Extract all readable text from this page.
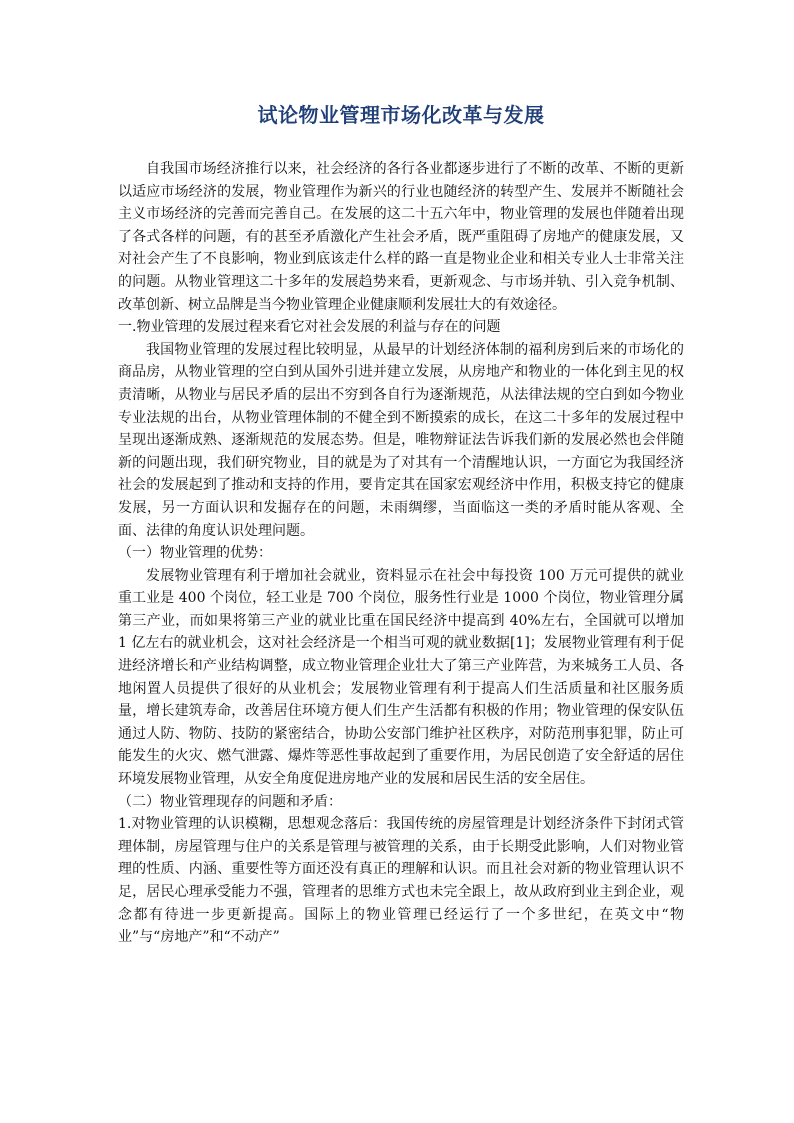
试论物业管理市场化改革与发展

自我国市场经济推行以来，社会经济的各行各业都逐步进行了不断的改革、不断的更新以适应市场经济的发展，物业管理作为新兴的行业也随经济的转型产生、发展并不断随社会主义市场经济的完善而完善自己。在发展的这二十五六年中，物业管理的发展也伴随着出现了各式各样的问题，有的甚至矛盾激化产生社会矛盾，既严重阻碍了房地产的健康发展，又对社会产生了不良影响，物业到底该走什么样的路一直是物业企业和相关专业人士非常关注的问题。从物业管理这二十多年的发展趋势来看，更新观念、与市场并轨、引入竞争机制、改革创新、树立品牌是当今物业管理企业健康顺利发展壮大的有效途径。

一.物业管理的发展过程来看它对社会发展的利益与存在的问题

我国物业管理的发展过程比较明显，从最早的计划经济体制的福利房到后来的市场化的商品房，从物业管理的空白到从国外引进并建立发展，从房地产和物业的一体化到主见的权责清晰，从物业与居民矛盾的层出不穷到各自行为逐渐规范，从法律法规的空白到如今物业专业法规的出台，从物业管理体制的不健全到不断摸索的成长，在这二十多年的发展过程中呈现出逐渐成熟、逐渐规范的发展态势。但是，唯物辩证法告诉我们新的发展必然也会伴随新的问题出现，我们研究物业，目的就是为了对其有一个清醒地认识，一方面它为我国经济社会的发展起到了推动和支持的作用，要肯定其在国家宏观经济中作用，积极支持它的健康发展，另一方面认识和发掘存在的问题，未雨绸缪，当面临这一类的矛盾时能从客观、全面、法律的角度认识处理问题。

（一）物业管理的优势：

发展物业管理有利于增加社会就业，资料显示在社会中每投资 100 万元可提供的就业重工业是 400 个岗位，轻工业是 700 个岗位，服务性行业是 1000 个岗位，物业管理分属第三产业，而如果将第三产业的就业比重在国民经济中提高到 40%左右，全国就可以增加 1 亿左右的就业机会，这对社会经济是一个相当可观的就业数据[1]；发展物业管理有利于促进经济增长和产业结构调整，成立物业管理企业壮大了第三产业阵营，为来城务工人员、各地闲置人员提供了很好的从业机会；发展物业管理有利于提高人们生活质量和社区服务质量，增长建筑寿命，改善居住环境方便人们生产生活都有积极的作用；物业管理的保安队伍通过人防、物防、技防的紧密结合，协助公安部门维护社区秩序，对防范刑事犯罪，防止可能发生的火灾、燃气泄露、爆炸等恶性事故起到了重要作用，为居民创造了安全舒适的居住环境发展物业管理，从安全角度促进房地产业的发展和居民生活的安全居住。

（二）物业管理现存的问题和矛盾：

1.对物业管理的认识模糊，思想观念落后：我国传统的房屋管理是计划经济条件下封闭式管理体制，房屋管理与住户的关系是管理与被管理的关系，由于长期受此影响，人们对物业管理的性质、内涵、重要性等方面还没有真正的理解和认识。而且社会对新的物业管理认识不足，居民心理承受能力不强，管理者的思维方式也未完全跟上，故从政府到业主到企业，观念都有待进一步更新提高。国际上的物业管理已经运行了一个多世纪，在英文中“物业”与“房地产”和“不动产”
